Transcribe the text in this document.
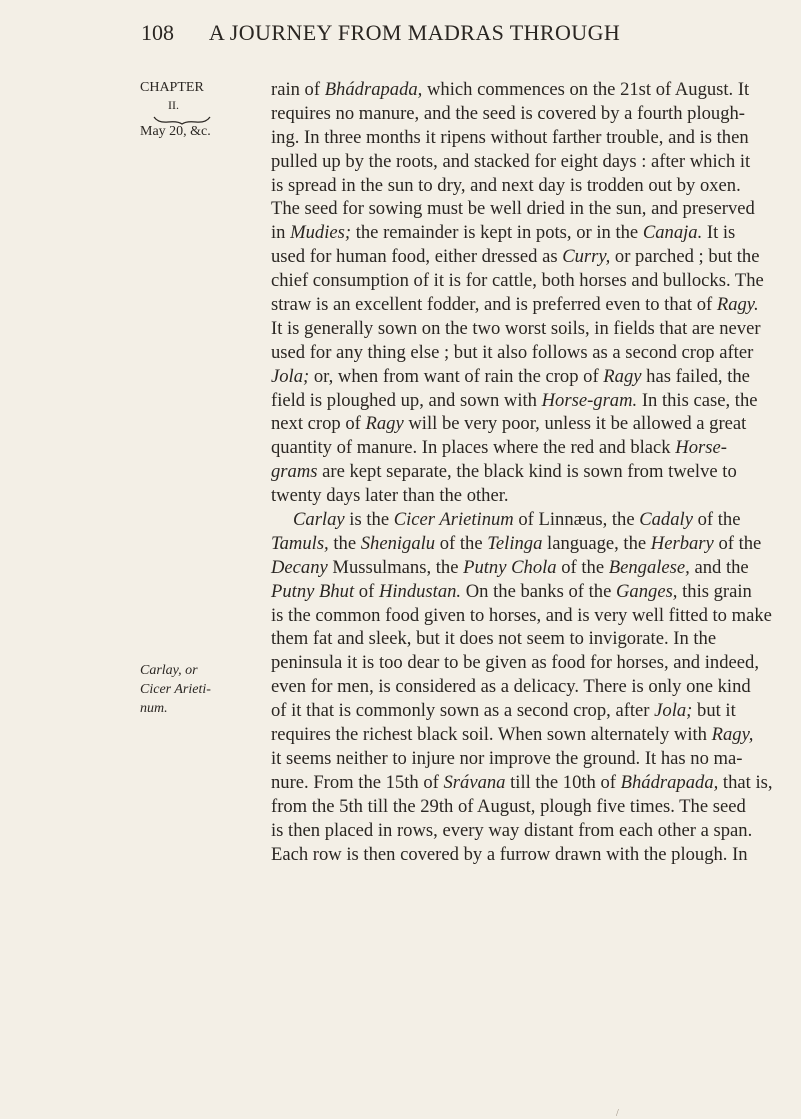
108	A JOURNEY FROM MADRAS THROUGH
CHAPTER
II.
May 20, &c.
Carlay, or
Cicer Arieti-
num.
rain of Bhádrapada, which commences on the 21st of August. It
requires no manure, and the seed is covered by a fourth plough-
ing. In three months it ripens without farther trouble, and is then
pulled up by the roots, and stacked for eight days : after which it
is spread in the sun to dry, and next day is trodden out by oxen.
The seed for sowing must be well dried in the sun, and preserved
in Mudies; the remainder is kept in pots, or in the Canaja. It is
used for human food, either dressed as Curry, or parched ; but the
chief consumption of it is for cattle, both horses and bullocks. The
straw is an excellent fodder, and is preferred even to that of Ragy.
It is generally sown on the two worst soils, in fields that are never
used for any thing else ; but it also follows as a second crop after
Jola; or, when from want of rain the crop of Ragy has failed, the
field is ploughed up, and sown with Horse-gram. In this case, the
next crop of Ragy will be very poor, unless it be allowed a great
quantity of manure. In places where the red and black Horse-
grams are kept separate, the black kind is sown from twelve to
twenty days later than the other.
Carlay is the Cicer Arietinum of Linnæus, the Cadaly of the
Tamuls, the Shenigalu of the Telinga language, the Herbary of the
Decany Mussulmans, the Putny Chola of the Bengalese, and the
Putny Bhut of Hindustan. On the banks of the Ganges, this grain
is the common food given to horses, and is very well fitted to make
them fat and sleek, but it does not seem to invigorate. In the
peninsula it is too dear to be given as food for horses, and indeed,
even for men, is considered as a delicacy. There is only one kind
of it that is commonly sown as a second crop, after Jola; but it
requires the richest black soil. When sown alternately with Ragy,
it seems neither to injure nor improve the ground. It has no ma-
nure. From the 15th of Srávana till the 10th of Bhádrapada, that is,
from the 5th till the 29th of August, plough five times. The seed
is then placed in rows, every way distant from each other a span.
Each row is then covered by a furrow drawn with the plough. In
/
